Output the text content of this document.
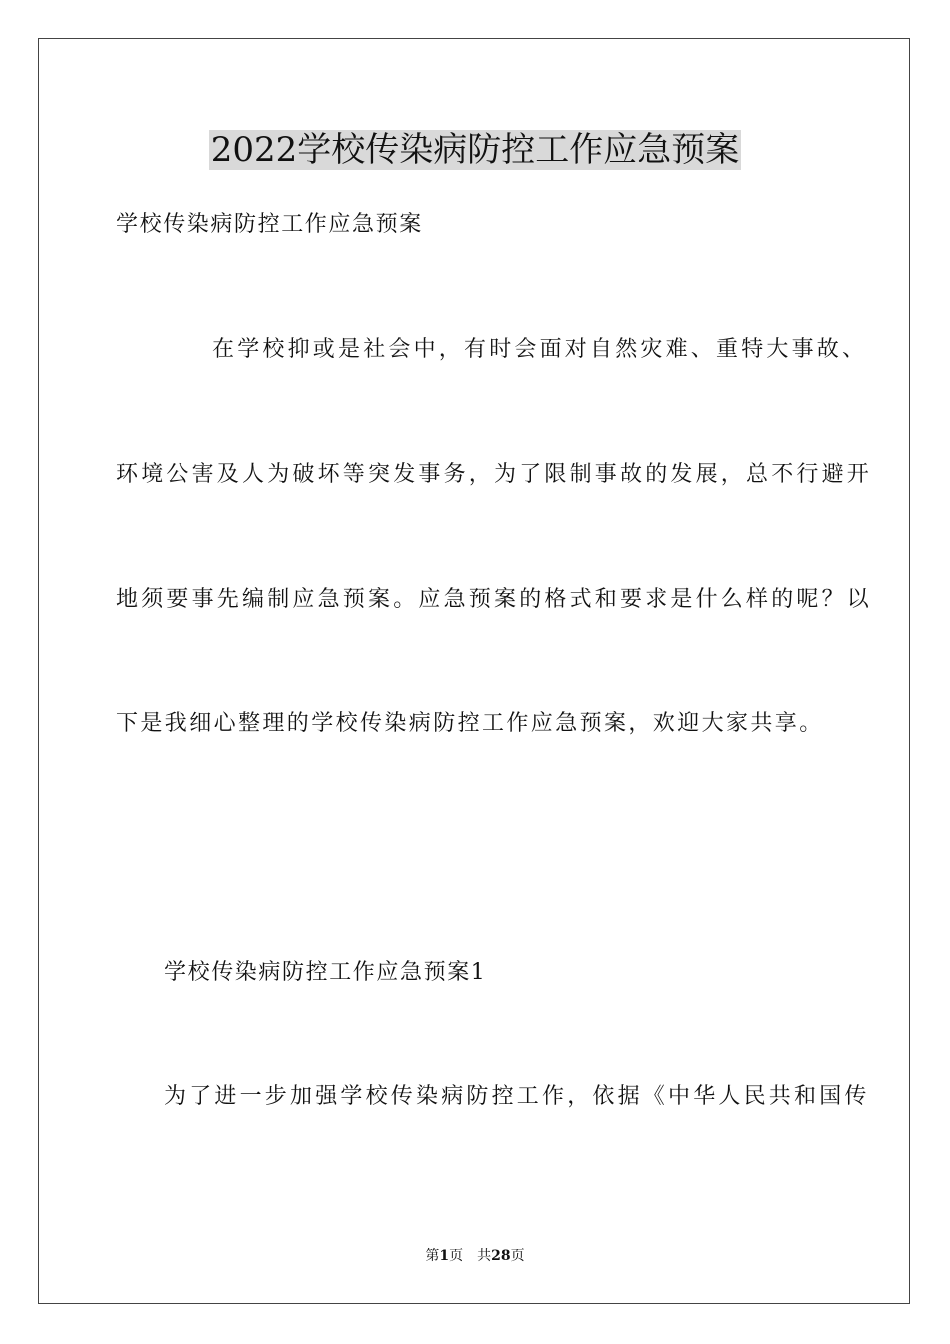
2022学校传染病防控工作应急预案

学校传染病防控工作应急预案

在学校抑或是社会中，有时会面对自然灾难、重特大事故、

环境公害及人为破坏等突发事务，为了限制事故的发展，总不行避开

地须要事先编制应急预案。应急预案的格式和要求是什么样的呢？以

下是我细心整理的学校传染病防控工作应急预案，欢迎大家共享。

学校传染病防控工作应急预案1

为了进一步加强学校传染病防控工作，依据《中华人民共和国传

第1页　共28页
